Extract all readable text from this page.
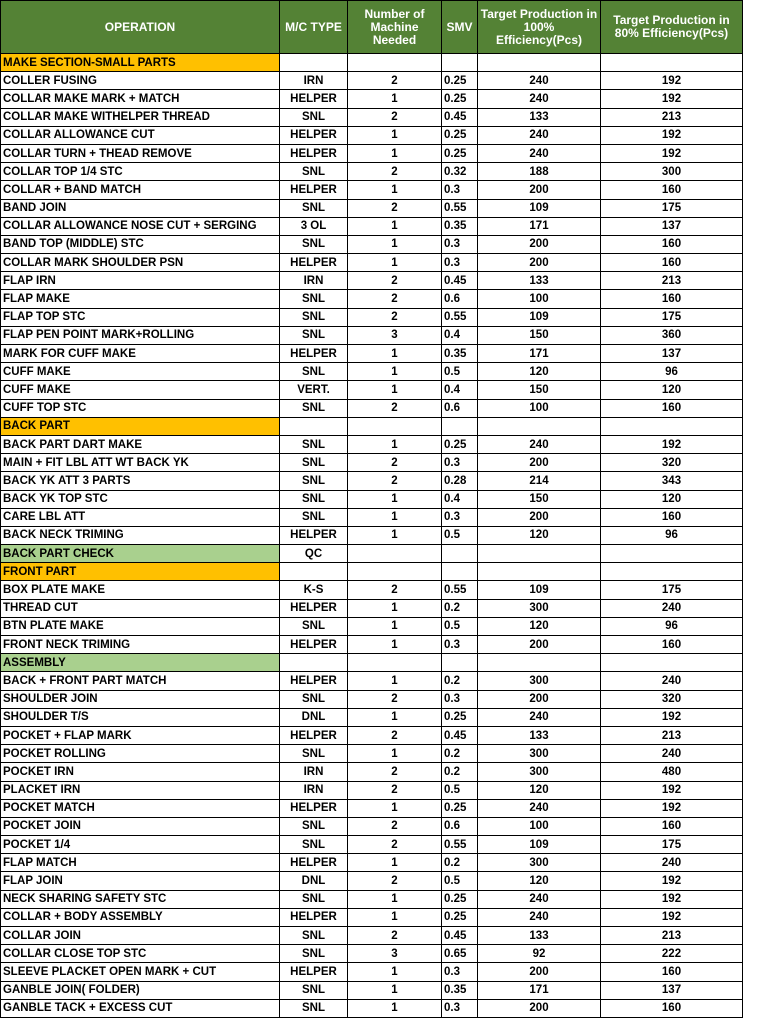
OPERATION	M/C TYPE	Number of Machine Needed	SMV	Target Production in 100% Efficiency(Pcs)	Target Production in 80% Efficiency(Pcs)
MAKE SECTION-SMALL PARTS					
COLLER FUSING	IRN	2	0.25	240	192
COLLAR MAKE MARK + MATCH	HELPER	1	0.25	240	192
COLLAR MAKE WITHELPER THREAD	SNL	2	0.45	133	213
COLLAR ALLOWANCE CUT	HELPER	1	0.25	240	192
COLLAR TURN + THEAD REMOVE	HELPER	1	0.25	240	192
COLLAR TOP 1/4 STC	SNL	2	0.32	188	300
COLLAR + BAND MATCH	HELPER	1	0.3	200	160
BAND JOIN	SNL	2	0.55	109	175
COLLAR ALLOWANCE NOSE CUT + SERGING	3 OL	1	0.35	171	137
BAND TOP (MIDDLE) STC	SNL	1	0.3	200	160
COLLAR MARK SHOULDER PSN	HELPER	1	0.3	200	160
FLAP IRN	IRN	2	0.45	133	213
FLAP MAKE	SNL	2	0.6	100	160
FLAP TOP STC	SNL	2	0.55	109	175
FLAP PEN POINT MARK+ROLLING	SNL	3	0.4	150	360
MARK FOR CUFF MAKE	HELPER	1	0.35	171	137
CUFF MAKE	SNL	1	0.5	120	96
CUFF MAKE	VERT.	1	0.4	150	120
CUFF TOP STC	SNL	2	0.6	100	160
BACK PART					
BACK PART DART MAKE	SNL	1	0.25	240	192
MAIN + FIT LBL ATT WT BACK YK	SNL	2	0.3	200	320
BACK YK ATT 3 PARTS	SNL	2	0.28	214	343
BACK YK TOP STC	SNL	1	0.4	150	120
CARE LBL ATT	SNL	1	0.3	200	160
BACK NECK TRIMING	HELPER	1	0.5	120	96
BACK PART CHECK	QC				
FRONT PART					
BOX PLATE MAKE	K-S	2	0.55	109	175
THREAD CUT	HELPER	1	0.2	300	240
BTN PLATE MAKE	SNL	1	0.5	120	96
FRONT NECK TRIMING	HELPER	1	0.3	200	160
ASSEMBLY					
BACK + FRONT PART MATCH	HELPER	1	0.2	300	240
SHOULDER JOIN	SNL	2	0.3	200	320
SHOULDER T/S	DNL	1	0.25	240	192
POCKET + FLAP MARK	HELPER	2	0.45	133	213
POCKET ROLLING	SNL	1	0.2	300	240
POCKET IRN	IRN	2	0.2	300	480
PLACKET IRN	IRN	2	0.5	120	192
POCKET MATCH	HELPER	1	0.25	240	192
POCKET JOIN	SNL	2	0.6	100	160
POCKET 1/4	SNL	2	0.55	109	175
FLAP MATCH	HELPER	1	0.2	300	240
FLAP JOIN	DNL	2	0.5	120	192
NECK SHARING SAFETY STC	SNL	1	0.25	240	192
COLLAR + BODY ASSEMBLY	HELPER	1	0.25	240	192
COLLAR JOIN	SNL	2	0.45	133	213
COLLAR CLOSE TOP STC	SNL	3	0.65	92	222
SLEEVE PLACKET OPEN MARK + CUT	HELPER	1	0.3	200	160
GANBLE JOIN( FOLDER)	SNL	1	0.35	171	137
GANBLE TACK + EXCESS CUT	SNL	1	0.3	200	160
